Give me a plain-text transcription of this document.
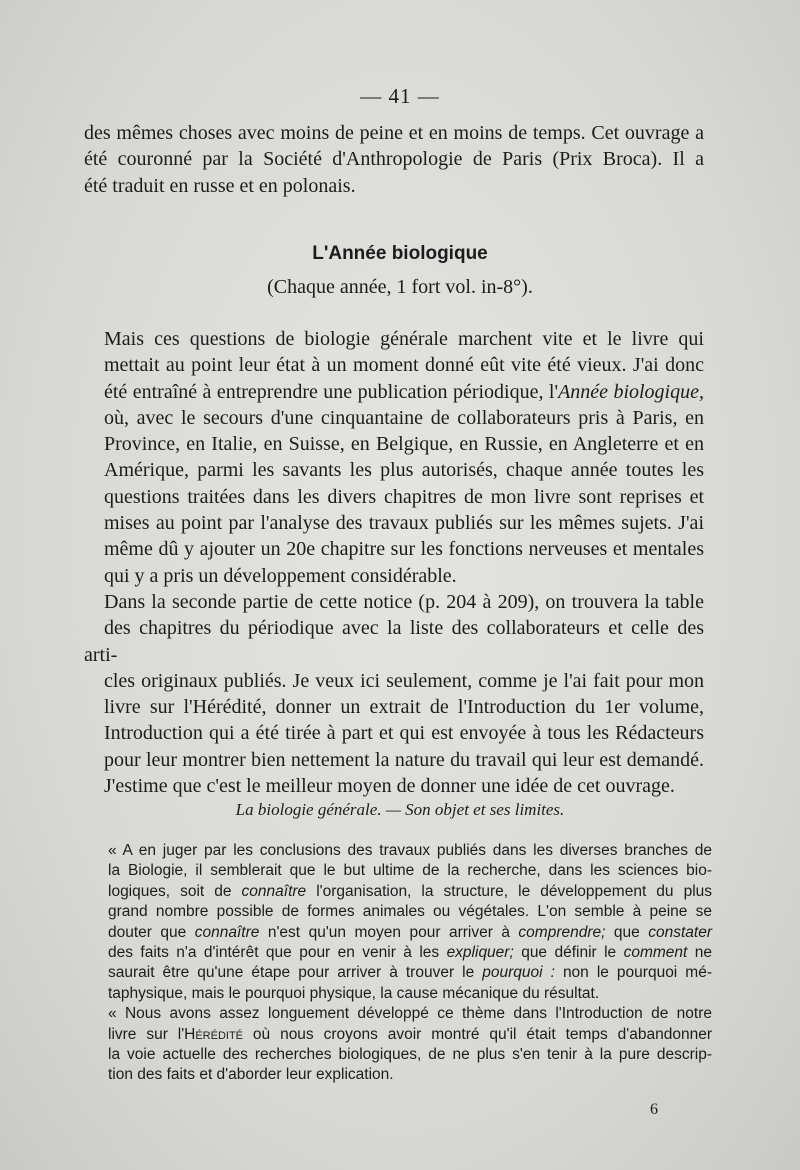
— 41 —

des mêmes choses avec moins de peine et en moins de temps. Cet ouvrage a
été couronné par la Société d'Anthropologie de Paris (Prix Broca). Il a
été traduit en russe et en polonais.

L'Année biologique
(Chaque année, 1 fort vol. in-8°).

Mais ces questions de biologie générale marchent vite et le livre qui
mettait au point leur état à un moment donné eût vite été vieux. J'ai donc
été entraîné à entreprendre une publication périodique, l'Année biologique,
où, avec le secours d'une cinquantaine de collaborateurs pris à Paris, en
Province, en Italie, en Suisse, en Belgique, en Russie, en Angleterre et en
Amérique, parmi les savants les plus autorisés, chaque année toutes les
questions traitées dans les divers chapitres de mon livre sont reprises et
mises au point par l'analyse des travaux publiés sur les mêmes sujets. J'ai
même dû y ajouter un 20e chapitre sur les fonctions nerveuses et mentales
qui y a pris un développement considérable.

Dans la seconde partie de cette notice (p. 204 à 209), on trouvera la table
des chapitres du périodique avec la liste des collaborateurs et celle des arti-
cles originaux publiés. Je veux ici seulement, comme je l'ai fait pour mon
livre sur l'Hérédité, donner un extrait de l'Introduction du 1er volume,
Introduction qui a été tirée à part et qui est envoyée à tous les Rédacteurs
pour leur montrer bien nettement la nature du travail qui leur est demandé.
J'estime que c'est le meilleur moyen de donner une idée de cet ouvrage.

La biologie générale. — Son objet et ses limites.

« A en juger par les conclusions des travaux publiés dans les diverses branches de
la Biologie, il semblerait que le but ultime de la recherche, dans les sciences bio-
logiques, soit de connaître l'organisation, la structure, le développement du plus
grand nombre possible de formes animales ou végétales. L'on semble à peine se
douter que connaître n'est qu'un moyen pour arriver à comprendre; que constater
des faits n'a d'intérêt que pour en venir à les expliquer; que définir le comment ne
saurait être qu'une étape pour arriver à trouver le pourquoi : non le pourquoi mé-
taphysique, mais le pourquoi physique, la cause mécanique du résultat.

« Nous avons assez longuement développé ce thème dans l'Introduction de notre
livre sur l'Hérédité où nous croyons avoir montré qu'il était temps d'abandonner
la voie actuelle des recherches biologiques, de ne plus s'en tenir à la pure descrip-
tion des faits et d'aborder leur explication.

6
